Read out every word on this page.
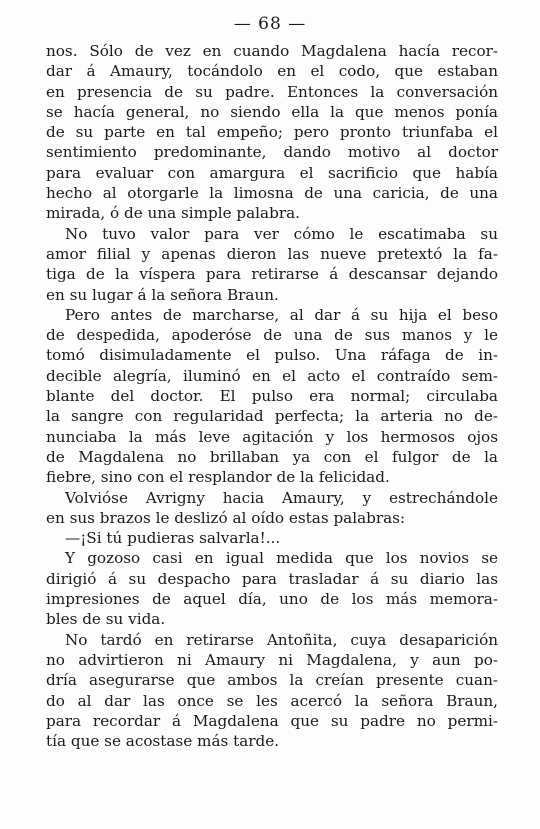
— 68 —
nos. Sólo de vez en cuando Magdalena hacía recor-
dar á Amaury, tocándolo en el codo, que estaban
en presencia de su padre. Entonces la conversación
se hacía general, no siendo ella la que menos ponía
de su parte en tal empeño; pero pronto triunfaba el
sentimiento predominante, dando motivo al doctor
para evaluar con amargura el sacrificio que había
hecho al otorgarle la limosna de una caricia, de una
mirada, ó de una simple palabra.
No tuvo valor para ver cómo le escatimaba su
amor filial y apenas dieron las nueve pretextó la fa-
tiga de la víspera para retirarse á descansar dejando
en su lugar á la señora Braun.
Pero antes de marcharse, al dar á su hija el beso
de despedida, apoderóse de una de sus manos y le
tomó disimuladamente el pulso. Una ráfaga de in-
decible alegría, iluminó en el acto el contraído sem-
blante del doctor. El pulso era normal; circulaba
la sangre con regularidad perfecta; la arteria no de-
nunciaba la más leve agitación y los hermosos ojos
de Magdalena no brillaban ya con el fulgor de la
fiebre, sino con el resplandor de la felicidad.
Volvióse Avrigny hacia Amaury, y estrechándole
en sus brazos le deslizó al oído estas palabras:
—¡Si tú pudieras salvarla!...
Y gozoso casi en igual medida que los novios se
dirigió á su despacho para trasladar á su diario las
impresiones de aquel día, uno de los más memora-
bles de su vida.
No tardó en retirarse Antoñita, cuya desaparición
no advirtieron ni Amaury ni Magdalena, y aun po-
dría asegurarse que ambos la creían presente cuan-
do al dar las once se les acercó la señora Braun,
para recordar á Magdalena que su padre no permi-
tía que se acostase más tarde.
